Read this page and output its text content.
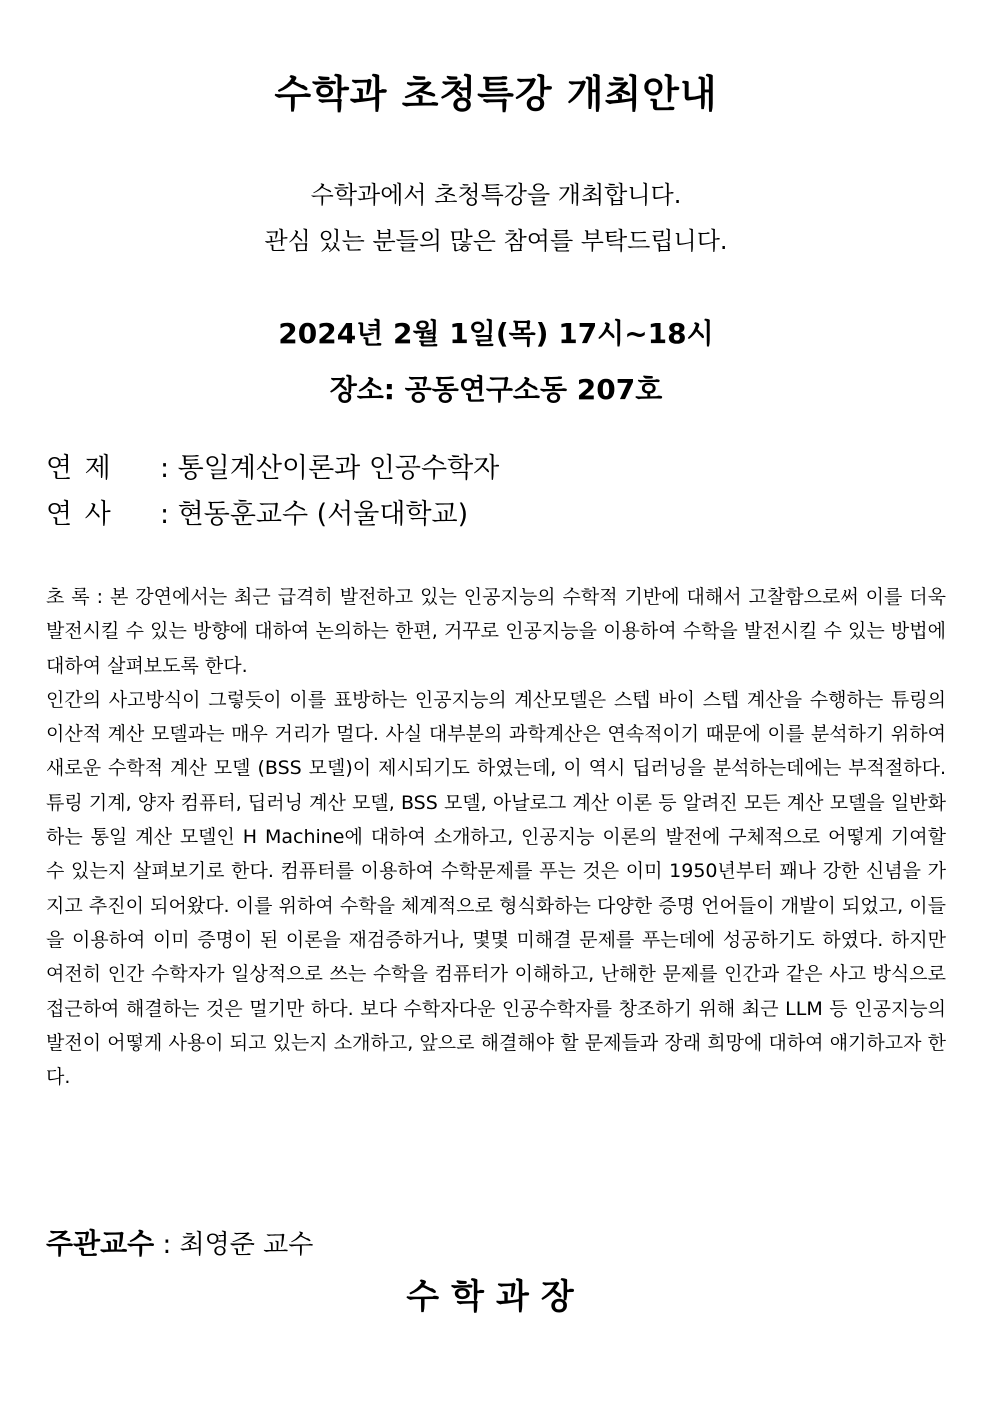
수학과 초청특강 개최안내
수학과에서 초청특강을 개최합니다.
관심 있는 분들의 많은 참여를 부탁드립니다.
2024년 2월 1일(목) 17시~18시
장소: 공동연구소동 207호
연 제 : 통일계산이론과 인공수학자
연 사 : 현동훈교수 (서울대학교)

초 록 : 본 강연에서는 최근 급격히 발전하고 있는 인공지능의 수학적 기반에 대해서 고찰함으로써 이를 더욱 발전시킬 수 있는 방향에 대하여 논의하는 한편, 거꾸로 인공지능을 이용하여 수학을 발전시킬 수 있는 방법에 대하여 살펴보도록 한다.

인간의 사고방식이 그렇듯이 이를 표방하는 인공지능의 계산모델은 스텝 바이 스텝 계산을 수행하는 튜링의 이산적 계산 모델과는 매우 거리가 멀다. 사실 대부분의 과학계산은 연속적이기 때문에 이를 분석하기 위하여 새로운 수학적 계산 모델 (BSS 모델)이 제시되기도 하였는데, 이 역시 딥러닝을 분석하는데에는 부적절하다. 튜링 기계, 양자 컴퓨터, 딥러닝 계산 모델, BSS 모델, 아날로그 계산 이론 등 알려진 모든 계산 모델을 일반화하는 통일 계산 모델인 H Machine에 대하여 소개하고, 인공지능 이론의 발전에 구체적으로 어떻게 기여할 수 있는지 살펴보기로 한다. 컴퓨터를 이용하여 수학문제를 푸는 것은 이미 1950년부터 꽤나 강한 신념을 가지고 추진이 되어왔다. 이를 위하여 수학을 체계적으로 형식화하는 다양한 증명 언어들이 개발이 되었고, 이들을 이용하여 이미 증명이 된 이론을 재검증하거나, 몇몇 미해결 문제를 푸는데에 성공하기도 하였다. 하지만 여전히 인간 수학자가 일상적으로 쓰는 수학을 컴퓨터가 이해하고, 난해한 문제를 인간과 같은 사고 방식으로 접근하여 해결하는 것은 멀기만 하다. 보다 수학자다운 인공수학자를 창조하기 위해 최근 LLM 등 인공지능의 발전이 어떻게 사용이 되고 있는지 소개하고, 앞으로 해결해야 할 문제들과 장래 희망에 대하여 얘기하고자 한다.

주관교수 : 최영준 교수
수학과장
